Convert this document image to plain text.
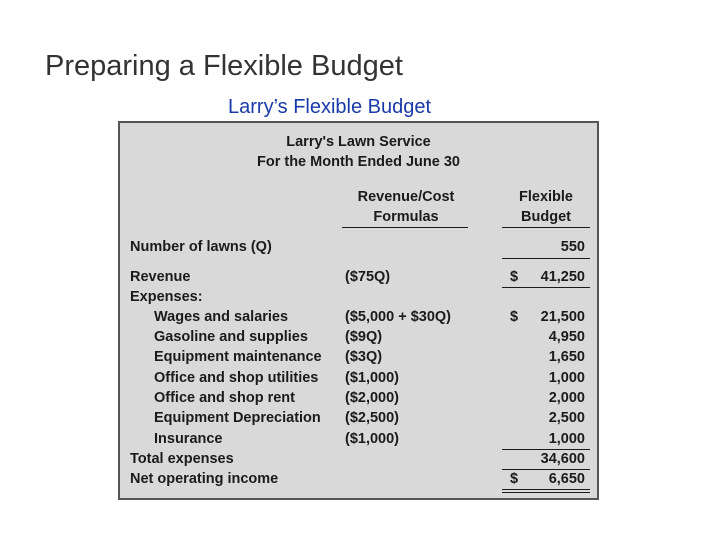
Preparing a Flexible Budget
Larry’s Flexible Budget
Larry's Lawn Service
For the Month Ended June 30
Revenue/Cost
Formulas
Flexible
Budget
Number of lawns (Q)	550
Revenue	($75Q)	$	41,250
Expenses:
Wages and salaries	($5,000 + $30Q)	$	21,500
Gasoline and supplies	($9Q)	4,950
Equipment maintenance ($3Q)	1,650
Office and shop utilities ($1,000)	1,000
Office and shop rent	($2,000)	2,000
Equipment Depreciation ($2,500)	2,500
Insurance	($1,000)	1,000
Total expenses	34,600
Net operating income	$	6,650
